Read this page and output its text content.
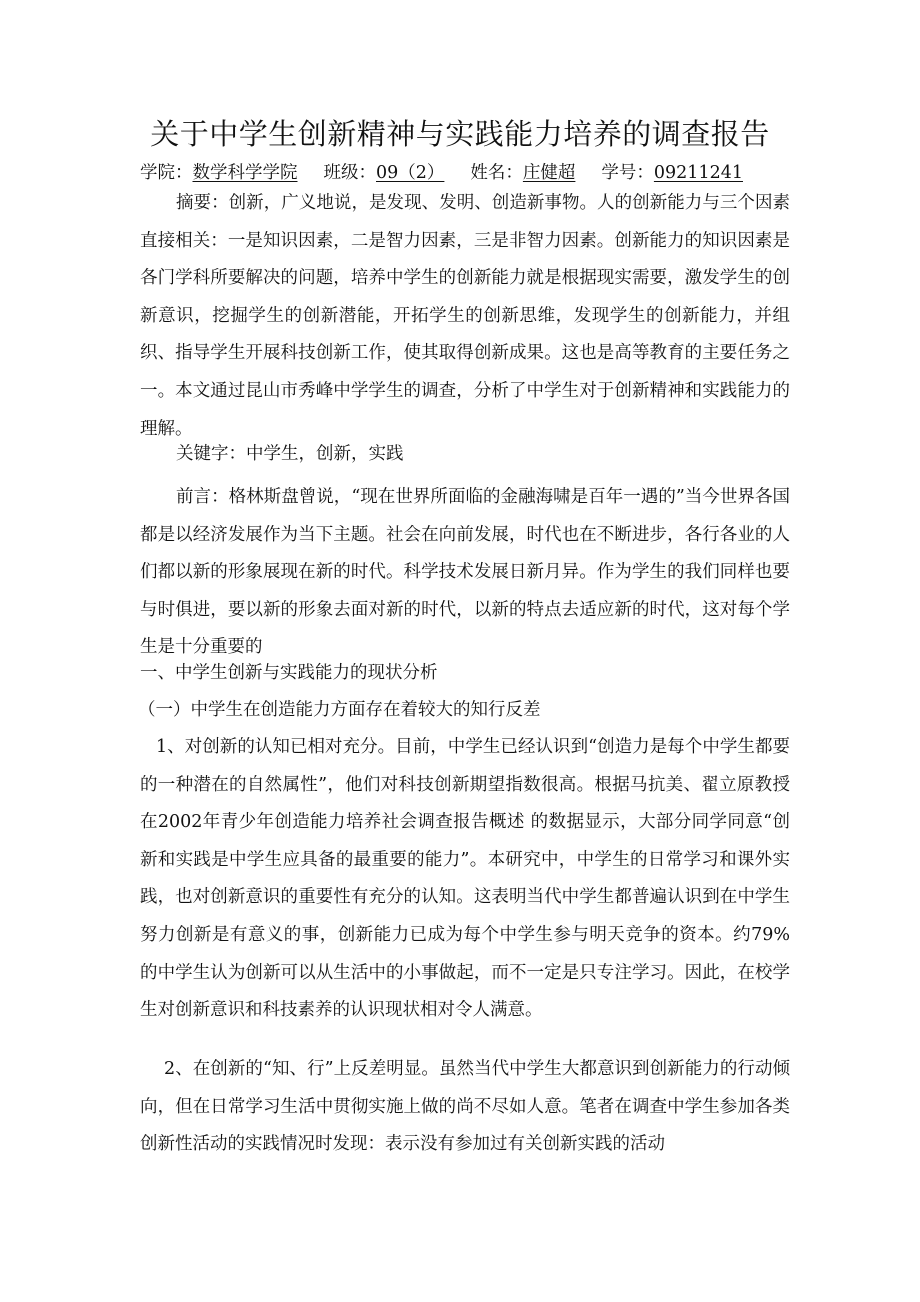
关于中学生创新精神与实践能力培养的调查报告
学院：数学科学学院 班级：09（2） 姓名：庄健超 学号：09211241
摘要：创新，广义地说，是发现、发明、创造新事物。人的创新能力与三个因素直接相关：一是知识因素，二是智力因素，三是非智力因素。创新能力的知识因素是各门学科所要解决的问题，培养中学生的创新能力就是根据现实需要，激发学生的创新意识，挖掘学生的创新潜能，开拓学生的创新思维，发现学生的创新能力，并组织、指导学生开展科技创新工作，使其取得创新成果。这也是高等教育的主要任务之一。本文通过昆山市秀峰中学学生的调查，分析了中学生对于创新精神和实践能力的理解。
关键字：中学生，创新，实践
前言：格林斯盘曾说，“现在世界所面临的金融海啸是百年一遇的”当今世界各国都是以经济发展作为当下主题。社会在向前发展，时代也在不断进步，各行各业的人们都以新的形象展现在新的时代。科学技术发展日新月异。作为学生的我们同样也要与时俱进，要以新的形象去面对新的时代，以新的特点去适应新的时代，这对每个学生是十分重要的
一、中学生创新与实践能力的现状分析
（一）中学生在创造能力方面存在着较大的知行反差
1、对创新的认知已相对充分。目前，中学生已经认识到“创造力是每个中学生都要的一种潜在的自然属性”，他们对科技创新期望指数很高。根据马抗美、翟立原教授在2002年青少年创造能力培养社会调查报告概述 的数据显示，大部分同学同意“创新和实践是中学生应具备的最重要的能力”。本研究中，中学生的日常学习和课外实践，也对创新意识的重要性有充分的认知。这表明当代中学生都普遍认识到在中学生努力创新是有意义的事，创新能力已成为每个中学生参与明天竞争的资本。约79%的中学生认为创新可以从生活中的小事做起，而不一定是只专注学习。因此，在校学生对创新意识和科技素养的认识现状相对令人满意。
2、在创新的“知、行”上反差明显。虽然当代中学生大都意识到创新能力的行动倾向，但在日常学习生活中贯彻实施上做的尚不尽如人意。笔者在调查中学生参加各类创新性活动的实践情况时发现：表示没有参加过有关创新实践的活动
